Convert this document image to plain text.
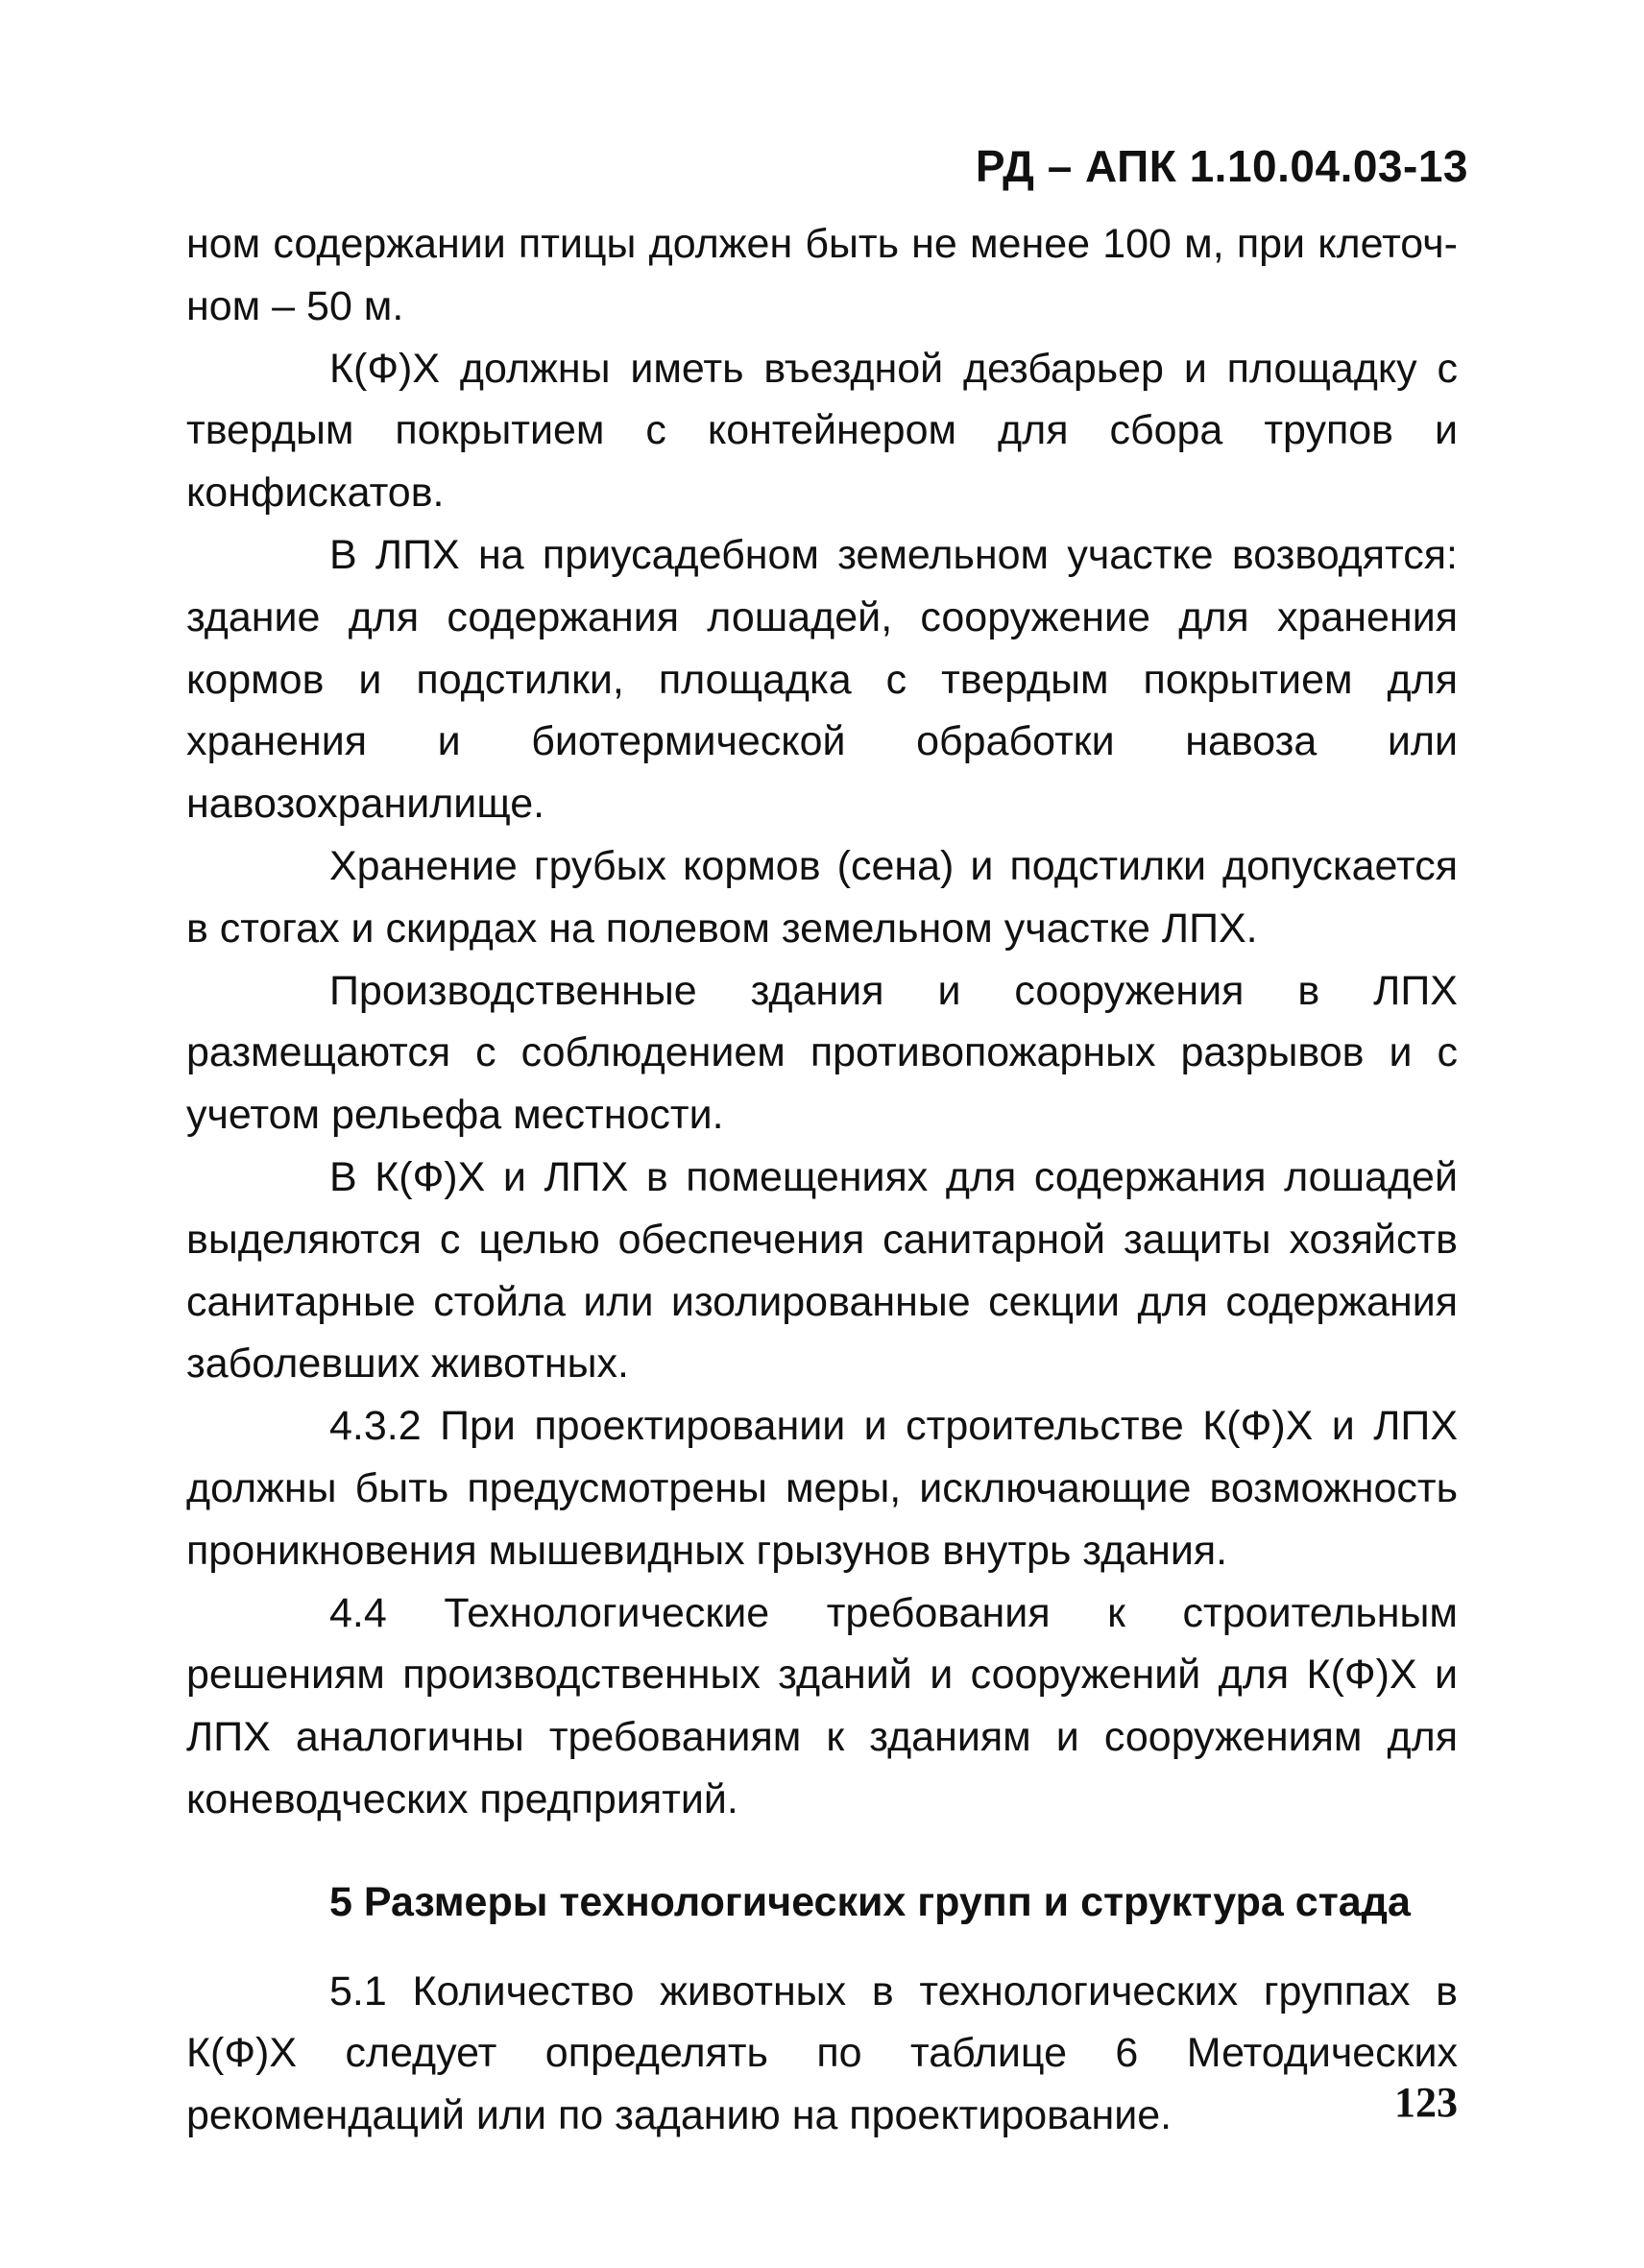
РД – АПК 1.10.04.03-13

ном содержании птицы должен быть не менее 100 м, при клеточном – 50 м.

К(Ф)Х должны иметь въездной дезбарьер и площадку с твердым покрытием с контейнером для сбора трупов и конфискатов.

В ЛПХ на приусадебном земельном участке возводятся: здание для содержания лошадей, сооружение для хранения кормов и подстилки, площадка с твердым покрытием для хранения и биотермической обработки навоза или навозохранилище.

Хранение грубых кормов (сена) и подстилки допускается в стогах и скирдах на полевом земельном участке ЛПХ.

Производственные здания и сооружения в ЛПХ размещаются с соблюдением противопожарных разрывов и с учетом рельефа местности.

В К(Ф)Х и ЛПХ в помещениях для содержания лошадей выделяются с целью обеспечения санитарной защиты хозяйств санитарные стойла или изолированные секции для содержания заболевших животных.

4.3.2 При проектировании и строительстве К(Ф)Х и ЛПХ должны быть предусмотрены меры, исключающие возможность проникновения мышевидных грызунов внутрь здания.

4.4 Технологические требования к строительным решениям производственных зданий и сооружений для К(Ф)Х и ЛПХ аналогичны требованиям к зданиям и сооружениям для коневодческих предприятий.

5 Размеры технологических групп и структура стада

5.1 Количество животных в технологических группах в К(Ф)Х следует определять по таблице 6 Методических рекомендаций или по заданию на проектирование.	123
